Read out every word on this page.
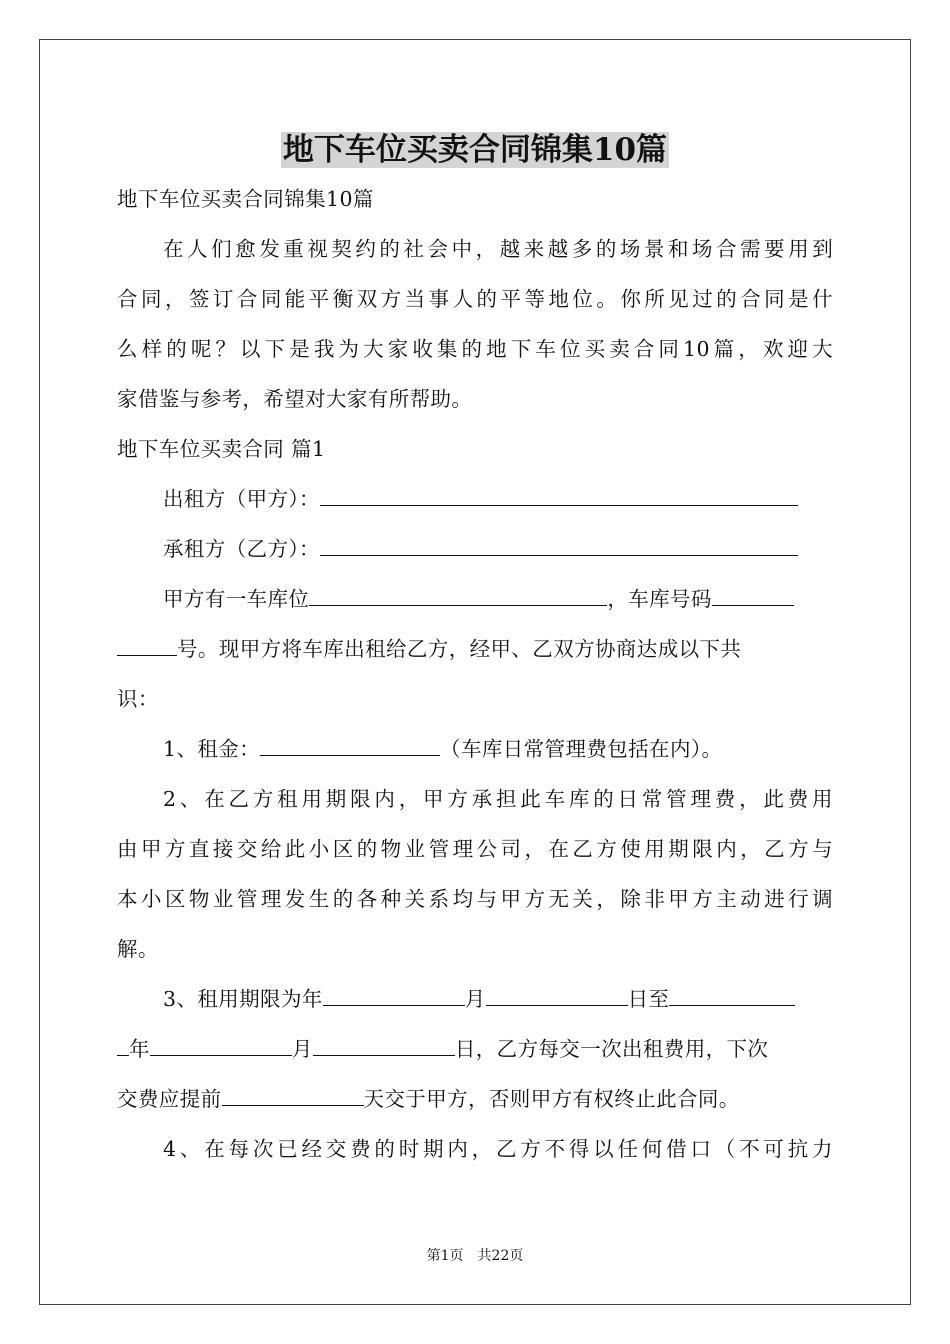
地下车位买卖合同锦集10篇
地下车位买卖合同锦集10篇
在​人​们​愈​发​重​视​契​约​的​社​会​中​，​越​来​越​多​的​场​景​和​场​合​需​要​用​到​
合​同​，​签​订​合​同​能​平​衡​双​方​当​事​人​的​平​等​地​位​。​你​所​见​过​的​合​同​是​什​
么​样​的​呢​？​以​下​是​我​为​大​家​收​集​的​地​下​车​位​买​卖​合​同​1​0​篇​，​欢​迎​大​
家借鉴与参考，希望对大家有所帮助。
地下车位买卖合同 篇1
出租方（甲方）：
承租方（乙方）：
甲方有一车库位	，车库号码
号。现甲方将车库出租给乙方，经甲、乙双方协商达成以下共
识：
1、租金：	（车库日常管理费包括在内）。
2​、​在​乙​方​租​用​期​限​内​，​甲​方​承​担​此​车​库​的​日​常​管​理​费​，​此​费​用​
由​甲​方​直​接​交​给​此​小​区​的​物​业​管​理​公​司​，​在​乙​方​使​用​期​限​内​，​乙​方​与​
本​小​区​物​业​管​理​发​生​的​各​种​关​系​均​与​甲​方​无​关​，​除​非​甲​方​主​动​进​行​调​
解。
3、租用期限为年	月	日至
年	月	日，乙方每交一次出租费用，下次
交费应提前	天交于甲方，否则甲方有权终止此合同。
4​、​在​每​次​已​经​交​费​的​时​期​内​，​乙​方​不​得​以​任​何​借​口​（​不​可​抗​力​
第1页　共22页
